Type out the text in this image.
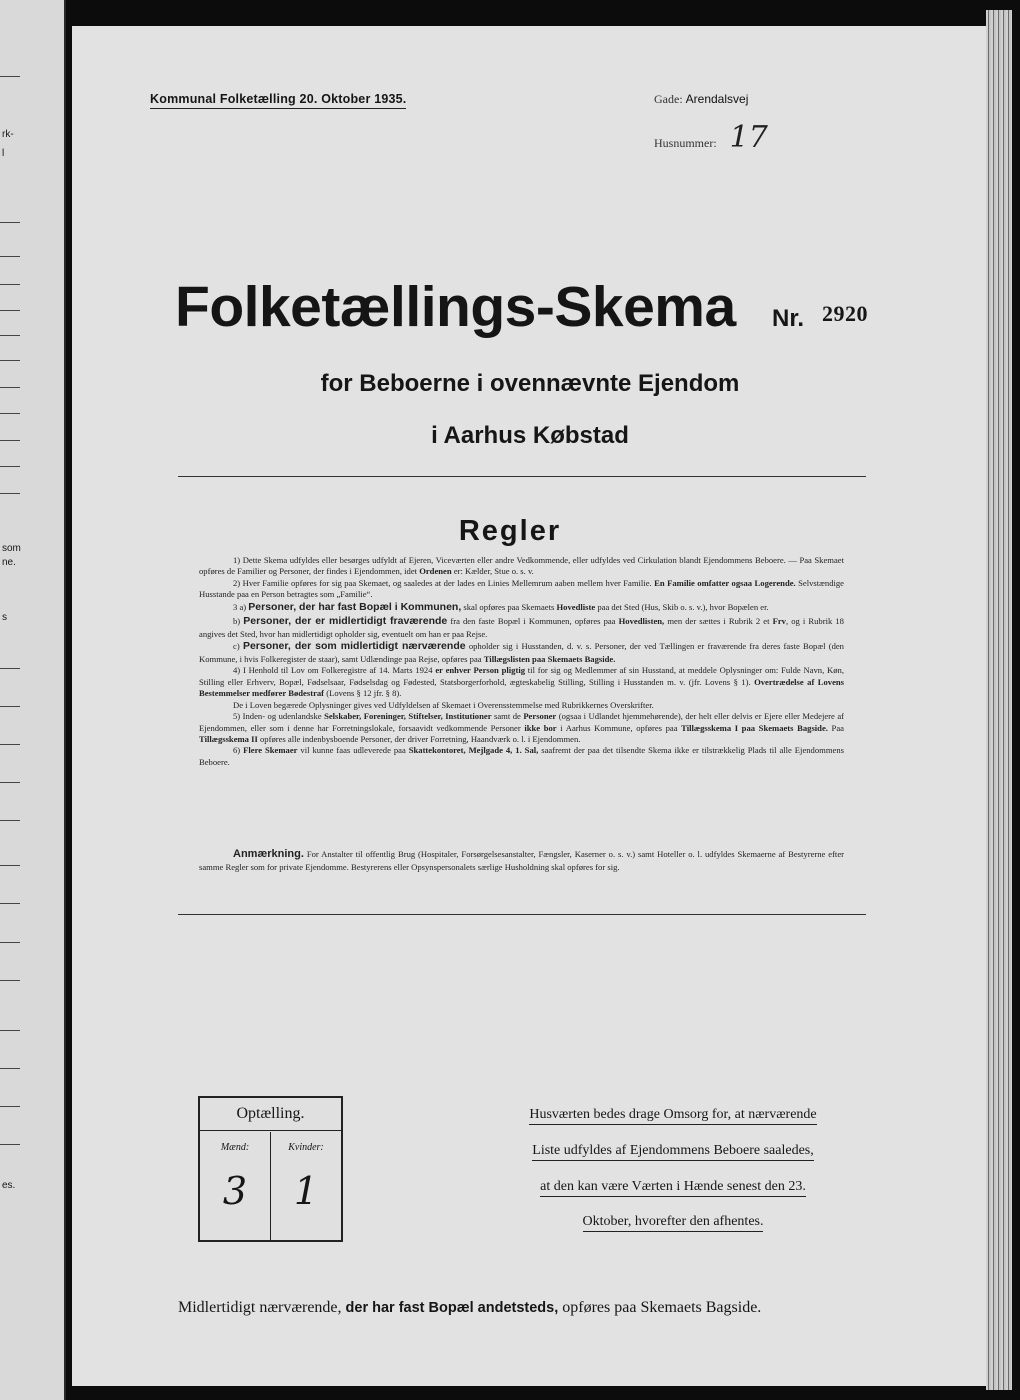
rk-
l
som
ne.
s
es.
Kommunal Folketælling 20. Oktober 1935.	Gade: Arendalsvej
Husnummer: 17
Folketællings-Skema Nr. 2920
for Beboerne i ovennævnte Ejendom
i Aarhus Købstad
Regler

1) Dette Skema udfyldes eller besørges udfyldt af Ejeren, Viceværten eller andre Vedkommende, eller udfyldes ved Cirkulation blandt Ejendommens Beboere. — Paa Skemaet opføres de Familier og Personer, der findes i Ejendommen, idet Ordenen er: Kælder, Stue o. s. v.

2) Hver Familie opføres for sig paa Skemaet, og saaledes at der lades en Linies Mellemrum aaben mellem hver Familie. En Familie omfatter ogsaa Logerende. Selvstændige Husstande paa en Person betragtes som „Familie“.

3 a) Personer, der har fast Bopæl i Kommunen, skal opføres paa Skemaets Hovedliste paa det Sted (Hus, Skib o. s. v.), hvor Bopælen er.

b) Personer, der er midlertidigt fraværende fra den faste Bopæl i Kommunen, opføres paa Hovedlisten, men der sættes i Rubrik 2 et Frv, og i Rubrik 18 angives det Sted, hvor han midlertidigt opholder sig, eventuelt om han er paa Rejse.

c) Personer, der som midlertidigt nærværende opholder sig i Husstanden, d. v. s. Personer, der ved Tællingen er fraværende fra deres faste Bopæl (den Kommune, i hvis Folkeregister de staar), samt Udlændinge paa Rejse, opføres paa Tillægslisten paa Skemaets Bagside.

4) I Henhold til Lov om Folkeregistre af 14. Marts 1924 er enhver Person pligtig til for sig og Medlemmer af sin Husstand, at meddele Oplysninger om: Fulde Navn, Køn, Stilling eller Erhverv, Bopæl, Fødselsaar, Fødselsdag og Fødested, Statsborgerforhold, ægteskabelig Stilling, Stilling i Husstanden m. v. (jfr. Lovens § 1). Overtrædelse af Lovens Bestemmelser medfører Bødestraf (Lovens § 12 jfr. § 8).

De i Loven begærede Oplysninger gives ved Udfyldelsen af Skemaet i Overensstemmelse med Rubrikkernes Overskrifter.

5) Inden- og udenlandske Selskaber, Foreninger, Stiftelser, Institutioner samt de Personer (ogsaa i Udlandet hjemmehørende), der helt eller delvis er Ejere eller Medejere af Ejendommen, eller som i denne har Forretningslokale, forsaavidt vedkommende Personer ikke bor i Aarhus Kommune, opføres paa Tillægsskema I paa Skemaets Bagside. Paa Tillægsskema II opføres alle indenbysboende Personer, der driver Forretning, Haandværk o. l. i Ejendommen.

6) Flere Skemaer vil kunne faas udleverede paa Skattekontoret, Mejlgade 4, 1. Sal, saafremt der paa det tilsendte Skema ikke er tilstrækkelig Plads til alle Ejendommens Beboere.

Anmærkning. For Anstalter til offentlig Brug (Hospitaler, Forsørgelsesanstalter, Fængsler, Kaserner o. s. v.) samt Hoteller o. l. udfyldes Skemaerne af Bestyrerne efter samme Regler som for private Ejendomme. Bestyrerens eller Opsynspersonalets særlige Husholdning skal opføres for sig.
Optælling.
Mænd:
3
Kvinder:
1
Husværten bedes drage Omsorg for, at nærværende
Liste udfyldes af Ejendommens Beboere saaledes,
at den kan være Værten i Hænde senest den 23.
Oktober, hvorefter den afhentes.
Midlertidigt nærværende, der har fast Bopæl andetsteds, opføres paa Skemaets Bagside.
